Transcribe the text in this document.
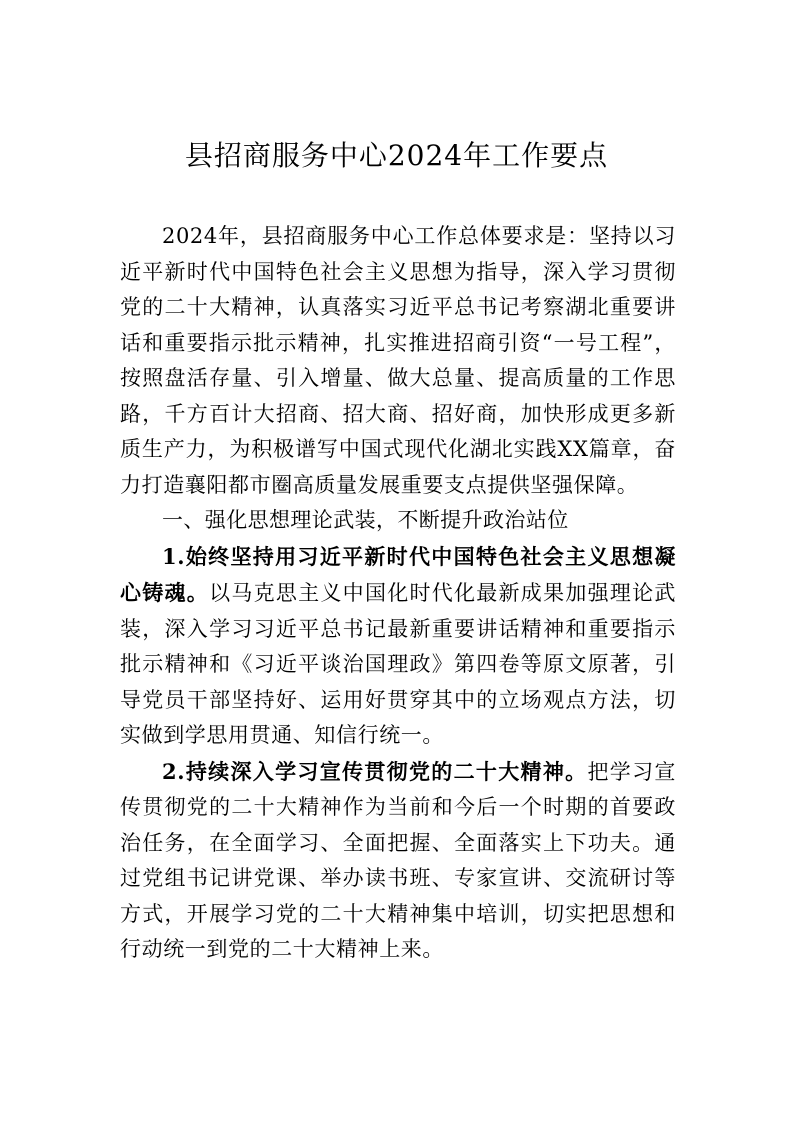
县招商服务中心2024年工作要点

2024年，县招商服务中心工作总体要求是：坚持以习近平新时代中国特色社会主义思想为指导，深入学习贯彻党的二十大精神，认真落实习近平总书记考察湖北重要讲话和重要指示批示精神，扎实推进招商引资“一号工程”，按照盘活存量、引入增量、做大总量、提高质量的工作思路，千方百计大招商、招大商、招好商，加快形成更多新质生产力，为积极谱写中国式现代化湖北实践XX篇章，奋力打造襄阳都市圈高质量发展重要支点提供坚强保障。

一、强化思想理论武装，不断提升政治站位

1.始终坚持用习近平新时代中国特色社会主义思想凝心铸魂。以马克思主义中国化时代化最新成果加强理论武装，深入学习习近平总书记最新重要讲话精神和重要指示批示精神和《习近平谈治国理政》第四卷等原文原著，引导党员干部坚持好、运用好贯穿其中的立场观点方法，切实做到学思用贯通、知信行统一。

2.持续深入学习宣传贯彻党的二十大精神。把学习宣传贯彻党的二十大精神作为当前和今后一个时期的首要政治任务，在全面学习、全面把握、全面落实上下功夫。通过党组书记讲党课、举办读书班、专家宣讲、交流研讨等方式，开展学习党的二十大精神集中培训，切实把思想和行动统一到党的二十大精神上来。
